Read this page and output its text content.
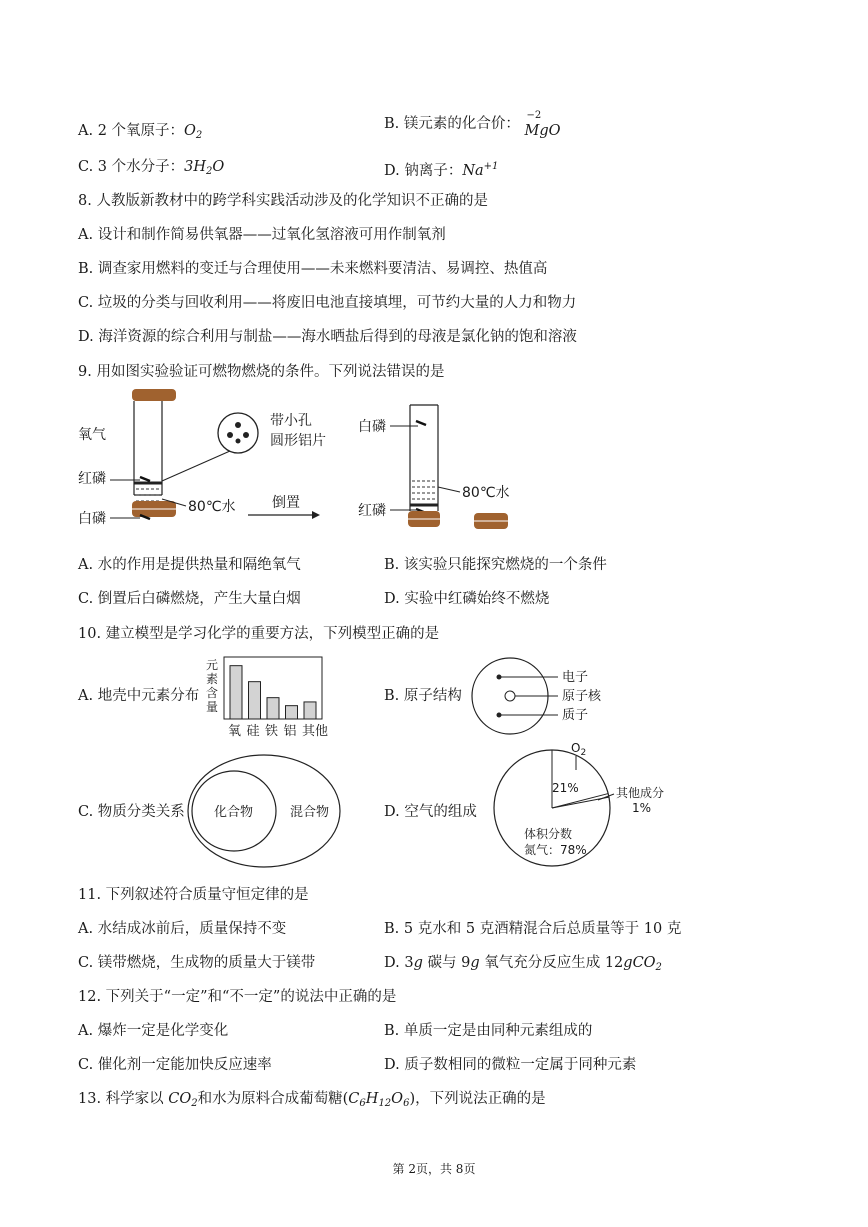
A. 2 个氧原子：$O_2$
B. 镁元素的化合价：
−2
MgO
C. 3 个水分子：$3H_2O$	D. 钠离子：$Na^{+1}$
8. 人教版新教材中的跨学科实践活动涉及的化学知识不正确的是
A. 设计和制作简易供氧器——过氧化氢溶液可用作制氧剂
B. 调查家用燃料的变迁与合理使用——未来燃料要清洁、易调控、热值高
C. 垃圾的分类与回收利用——将废旧电池直接填埋，可节约大量的人力和物力
D. 海洋资源的综合利用与制盐——海水晒盐后得到的母液是氯化钠的饱和溶液
9. 用如图实验验证可燃物燃烧的条件。下列说法错误的是
氧气
红磷
白磷
80℃水
带小孔
圆形铝片
倒置
白磷
红磷
80℃水
A. 水的作用是提供热量和隔绝氧气	B. 该实验只能探究燃烧的一个条件
C. 倒置后白磷燃烧，产生大量白烟	D. 实验中红磷始终不燃烧
10. 建立模型是学习化学的重要方法，下列模型正确的是
A. 地壳中元素分布
元
素
含
量
氧 硅 铁 铝 其他
B. 原子结构
电子
原子核
质子
C. 物质分类关系 化合物	混合物	D. 空气的组成
$O_2$
21%	其他成分
1%
体积分数
氮气：78%
11. 下列叙述符合质量守恒定律的是
A. 水结成冰前后，质量保持不变	B. 5 克水和 5 克酒精混合后总质量等于 10 克
C. 镁带燃烧，生成物的质量大于镁带	D. 3g 碳与 9g 氧气充分反应生成 12gCO$_2$
12. 下列关于“一定”和“不一定”的说法中正确的是
A. 爆炸一定是化学变化	B. 单质一定是由同种元素组成的
C. 催化剂一定能加快反应速率	D. 质子数相同的微粒一定属于同种元素
13. 科学家以 $CO_2$和水为原料合成葡萄糖$(C_6H_{12}O_6)$，下列说法正确的是
第 2页，共 8页
